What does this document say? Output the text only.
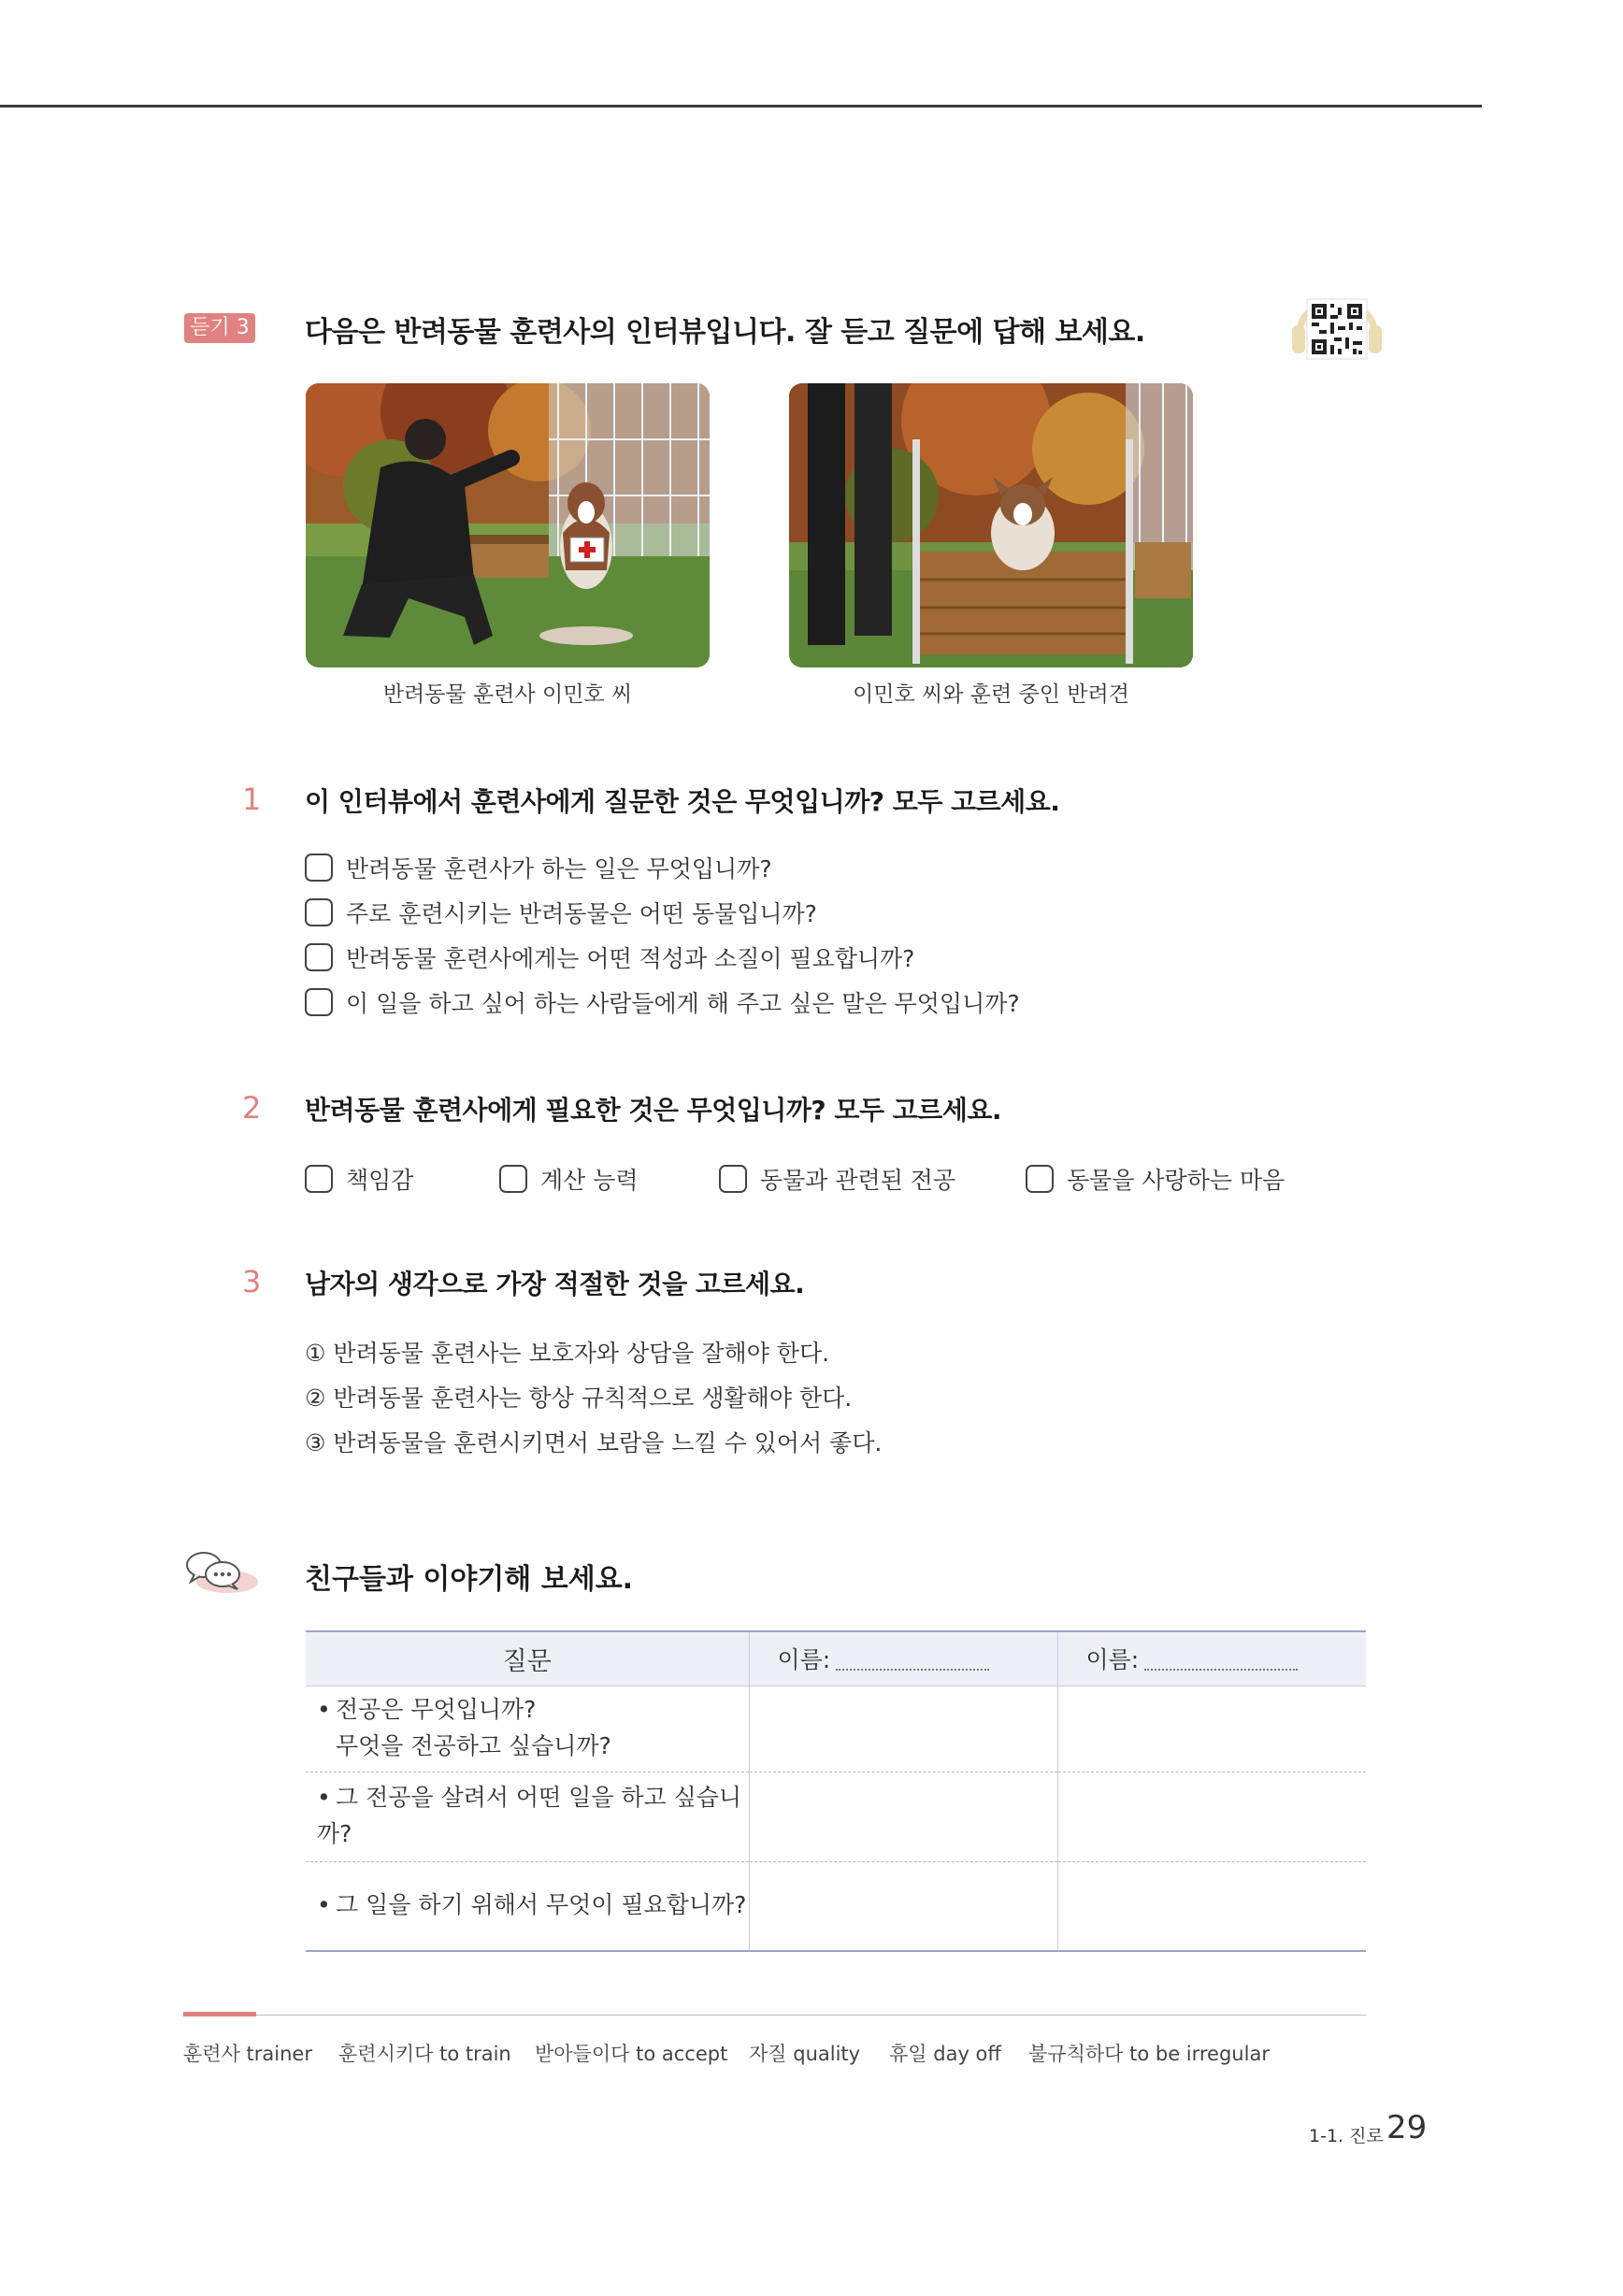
듣기 3 다음은 반려동물 훈련사의 인터뷰입니다. 잘 듣고 질문에 답해 보세요.
반려동물 훈련사 이민호 씨	이민호 씨와 훈련 중인 반려견
1 이 인터뷰에서 훈련사에게 질문한 것은 무엇입니까? 모두 고르세요.
반려동물 훈련사가 하는 일은 무엇입니까?
주로 훈련시키는 반려동물은 어떤 동물입니까?
반려동물 훈련사에게는 어떤 적성과 소질이 필요합니까?
이 일을 하고 싶어 하는 사람들에게 해 주고 싶은 말은 무엇입니까?
2 반려동물 훈련사에게 필요한 것은 무엇입니까? 모두 고르세요.
책임감	계산 능력	동물과 관련된 전공	동물을 사랑하는 마음
3 남자의 생각으로 가장 적절한 것을 고르세요.
① 반려동물 훈련사는 보호자와 상담을 잘해야 한다.
② 반려동물 훈련사는 항상 규칙적으로 생활해야 한다.
③ 반려동물을 훈련시키면서 보람을 느낄 수 있어서 좋다.
친구들과 이야기해 보세요.
질문	이름:	이름:
• 전공은 무엇입니까?
무엇을 전공하고 싶습니까?		
• 그 전공을 살려서 어떤 일을 하고 싶습니까?		
• 그 일을 하기 위해서 무엇이 필요합니까?		
훈련사 trainer 훈련시키다 to train 받아들이다 to accept 자질 quality 휴일 day off 불규칙하다 to be irregular
1-1. 진로 29
